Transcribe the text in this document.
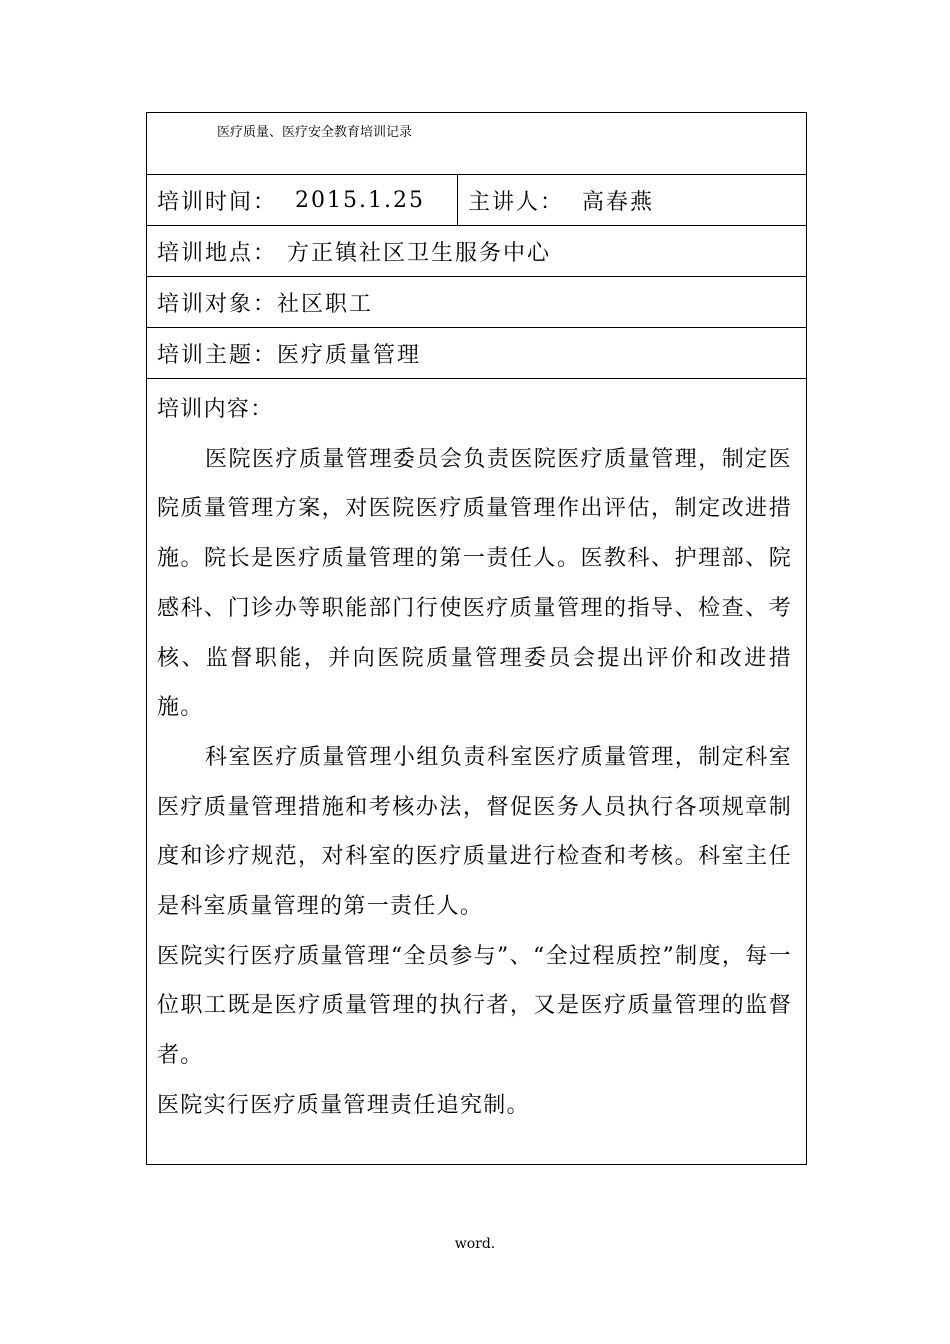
医疗质量、医疗安全教育培训记录
培训时间： 2015.1.25 主讲人： 高春燕
培训地点： 方正镇社区卫生服务中心
培训对象： 社区职工
培训主题： 医疗质量管理

培训内容：

医院医疗质量管理委员会负责医院医疗质量管理，制定医院质量管理方案，对医院医疗质量管理作出评估，制定改进措施。院长是医疗质量管理的第一责任人。医教科、护理部、院感科、门诊办等职能部门行使医疗质量管理的指导、检查、考核、监督职能，并向医院质量管理委员会提出评价和改进措施。

科室医疗质量管理小组负责科室医疗质量管理，制定科室医疗质量管理措施和考核办法，督促医务人员执行各项规章制度和诊疗规范，对科室的医疗质量进行检查和考核。科室主任是科室质量管理的第一责任人。

医院实行医疗质量管理“全员参与”、“全过程质控”制度，每一位职工既是医疗质量管理的执行者，又是医疗质量管理的监督者。

医院实行医疗质量管理责任追究制。

word.
